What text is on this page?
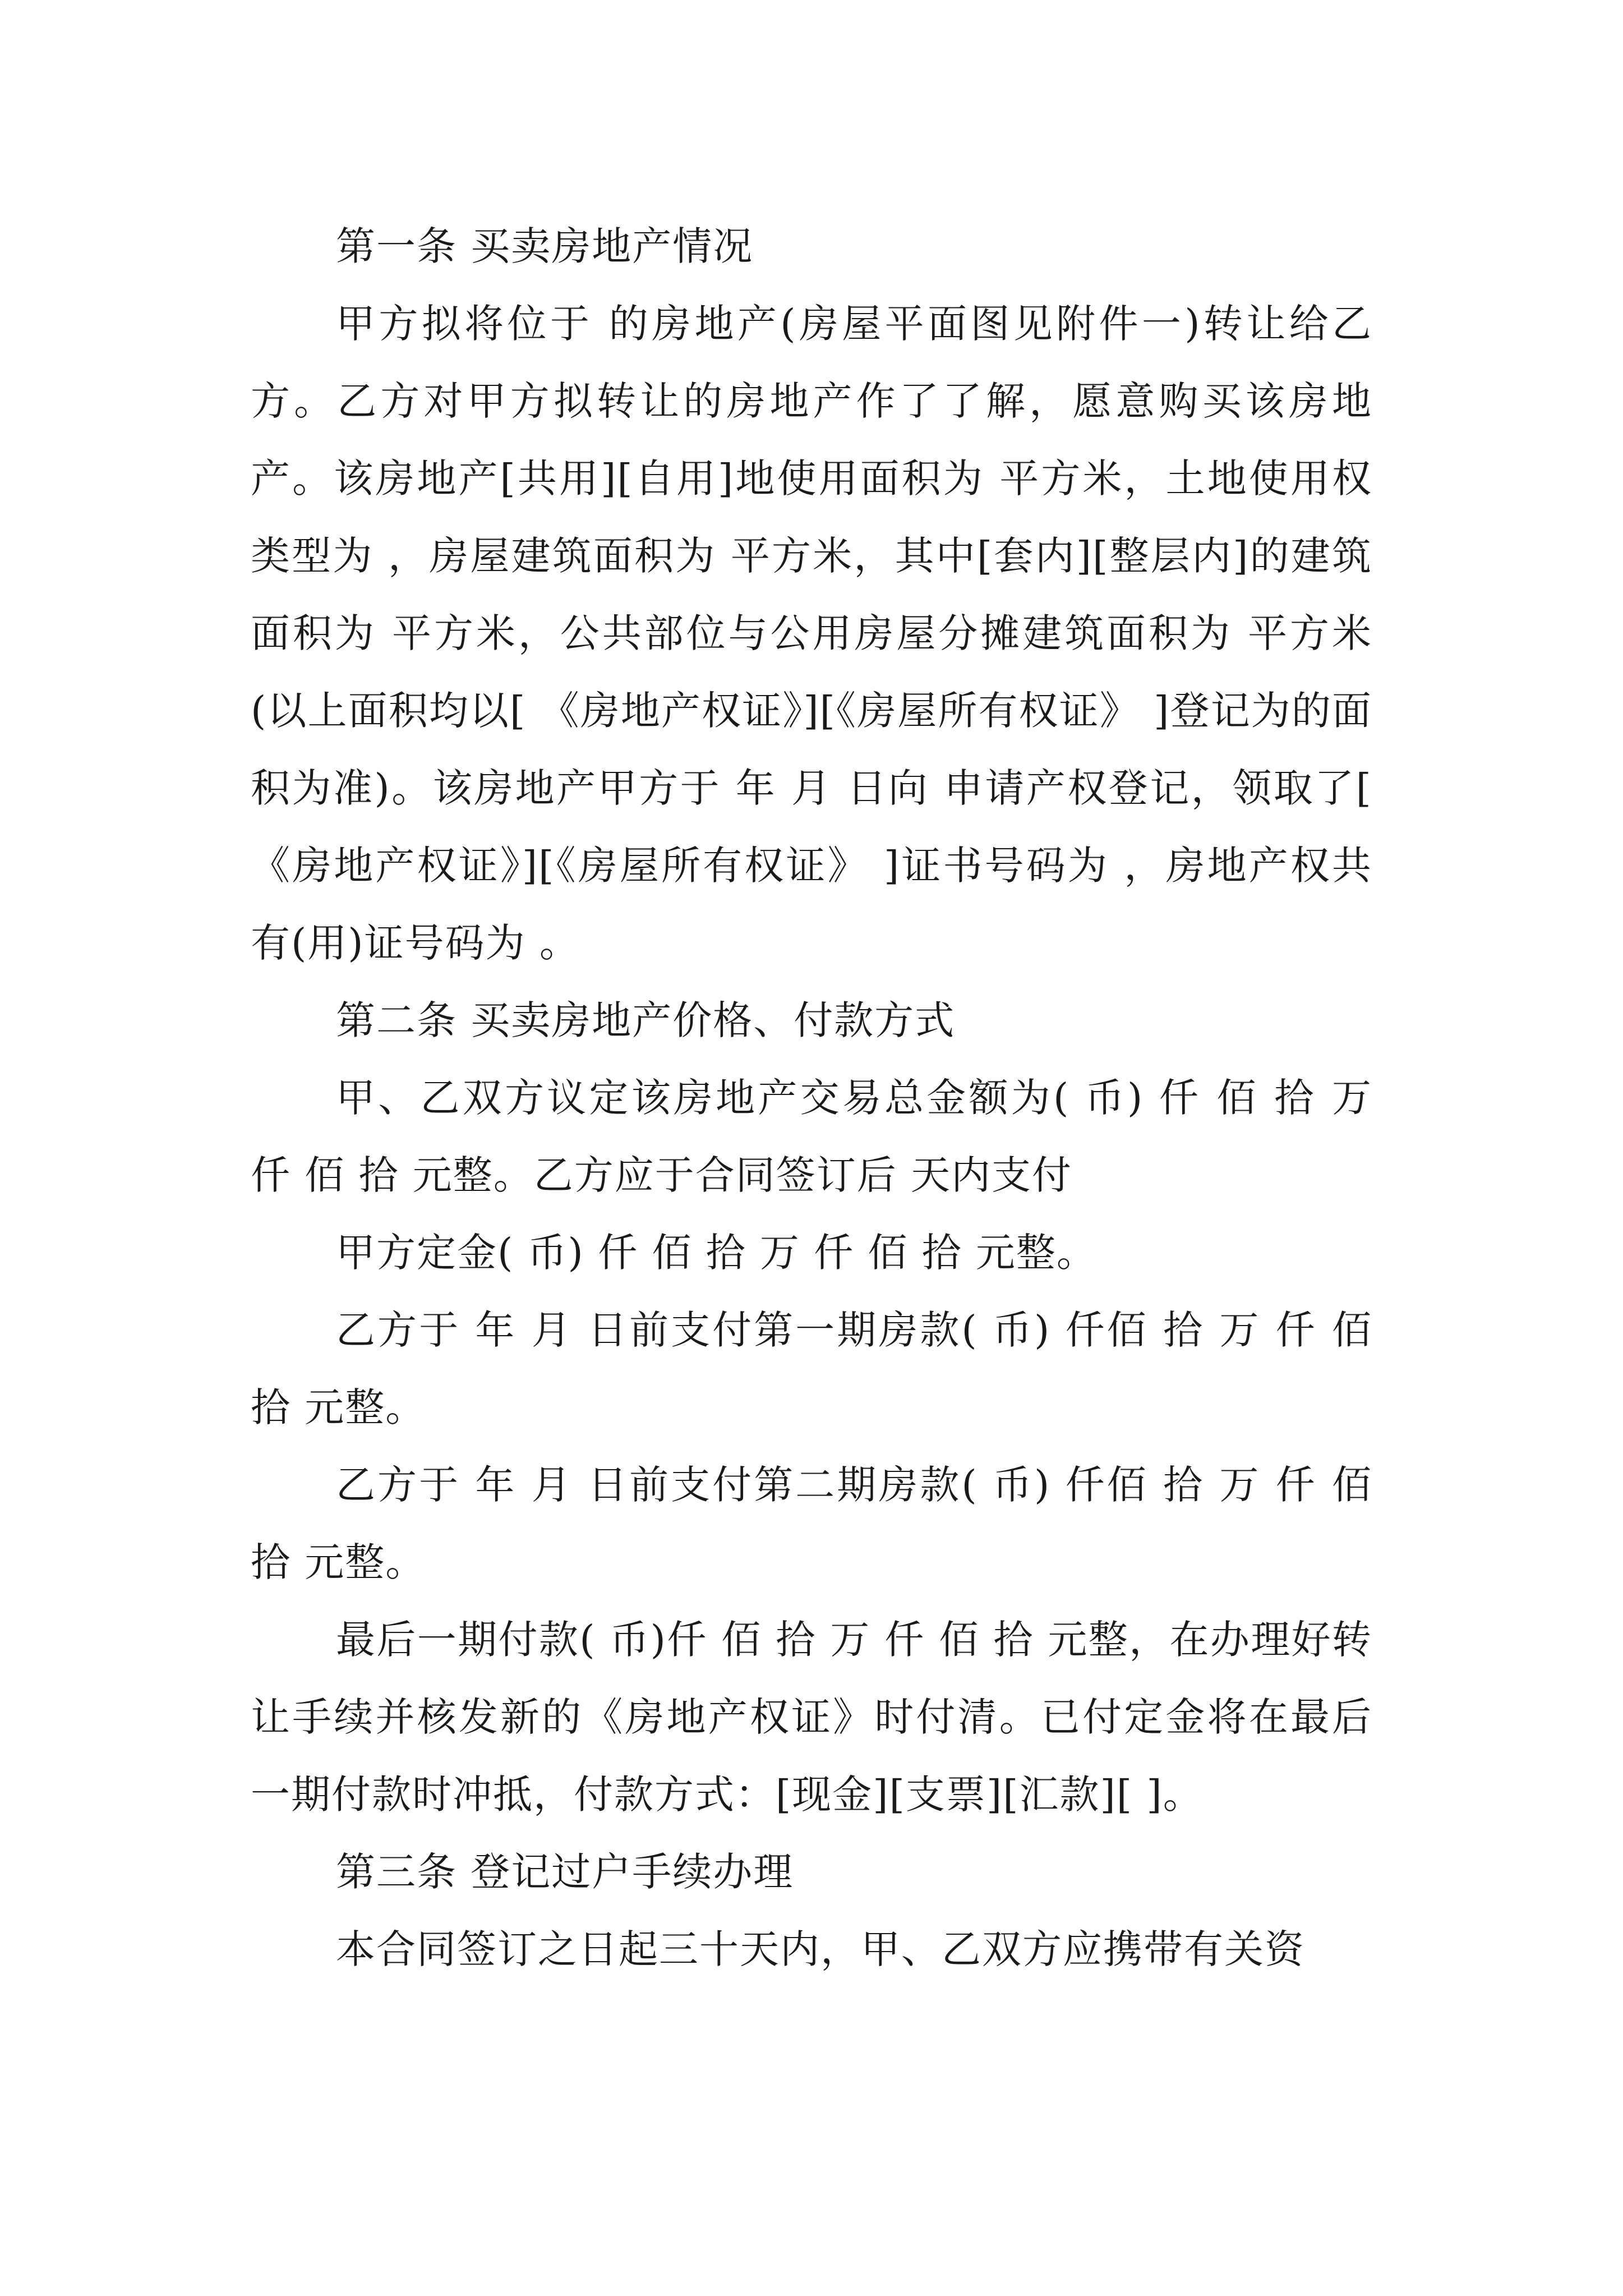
第一条 买卖房地产情况

甲方拟将位于 的房地产(房屋平面图见附件一)转让给乙方。乙方对甲方拟转让的房地产作了了解，愿意购买该房地产。该房地产[共用][自用]地使用面积为 平方米，土地使用权类型为 ，房屋建筑面积为 平方米，其中[套内][整层内]的建筑面积为 平方米，公共部位与公用房屋分摊建筑面积为 平方米(以上面积均以[ 《房地产权证》][《房屋所有权证》 ]登记为的面积为准)。该房地产甲方于 年 月 日向 申请产权登记，领取了[ 《房地产权证》][《房屋所有权证》 ]证书号码为 ，房地产权共有(用)证号码为 。

第二条 买卖房地产价格、付款方式

甲、乙双方议定该房地产交易总金额为( 币) 仟 佰 拾 万 仟 佰 拾 元整。乙方应于合同签订后 天内支付

甲方定金( 币) 仟 佰 拾 万 仟 佰 拾 元整。

乙方于 年 月 日前支付第一期房款( 币) 仟佰 拾 万 仟 佰 拾 元整。

乙方于 年 月 日前支付第二期房款( 币) 仟佰 拾 万 仟 佰 拾 元整。

最后一期付款( 币)仟 佰 拾 万 仟 佰 拾 元整，在办理好转让手续并核发新的《房地产权证》时付清。已付定金将在最后一期付款时冲抵，付款方式：[现金][支票][汇款][ ]。

第三条 登记过户手续办理

本合同签订之日起三十天内，甲、乙双方应携带有关资
